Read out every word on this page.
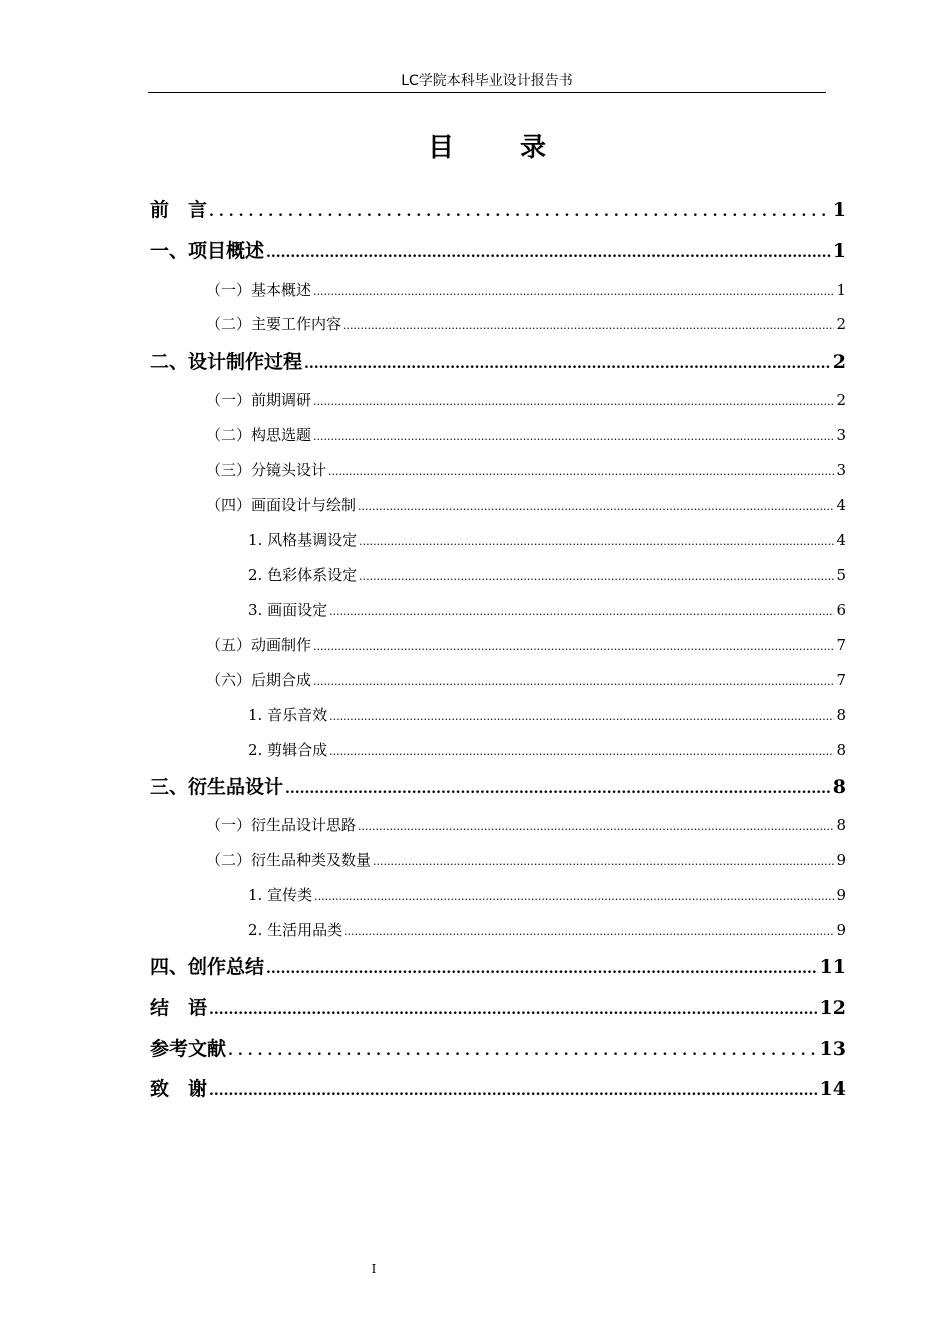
LC学院本科毕业设计报告书
目　录
前　言 .....	1
一、项目概述 .....	1
（一）基本概述 .....	1
（二）主要工作内容 .....	2
二、设计制作过程 .....	2
（一）前期调研 .....	2
（二）构思选题 .....	3
（三）分镜头设计 .....	3
（四）画面设计与绘制 .....	4
1. 风格基调设定 .....	4
2. 色彩体系设定 .....	5
3. 画面设定 .....	6
（五）动画制作 .....	7
（六）后期合成 .....	7
1. 音乐音效 .....	8
2. 剪辑合成 .....	8
三、衍生品设计 .....	8
（一）衍生品设计思路 .....	8
（二）衍生品种类及数量 .....	9
1. 宣传类 .....	9
2. 生活用品类 .....	9
四、创作总结 .....	11
结　语 .....	12
参考文献 .....	13
致　谢 .....	14
I
